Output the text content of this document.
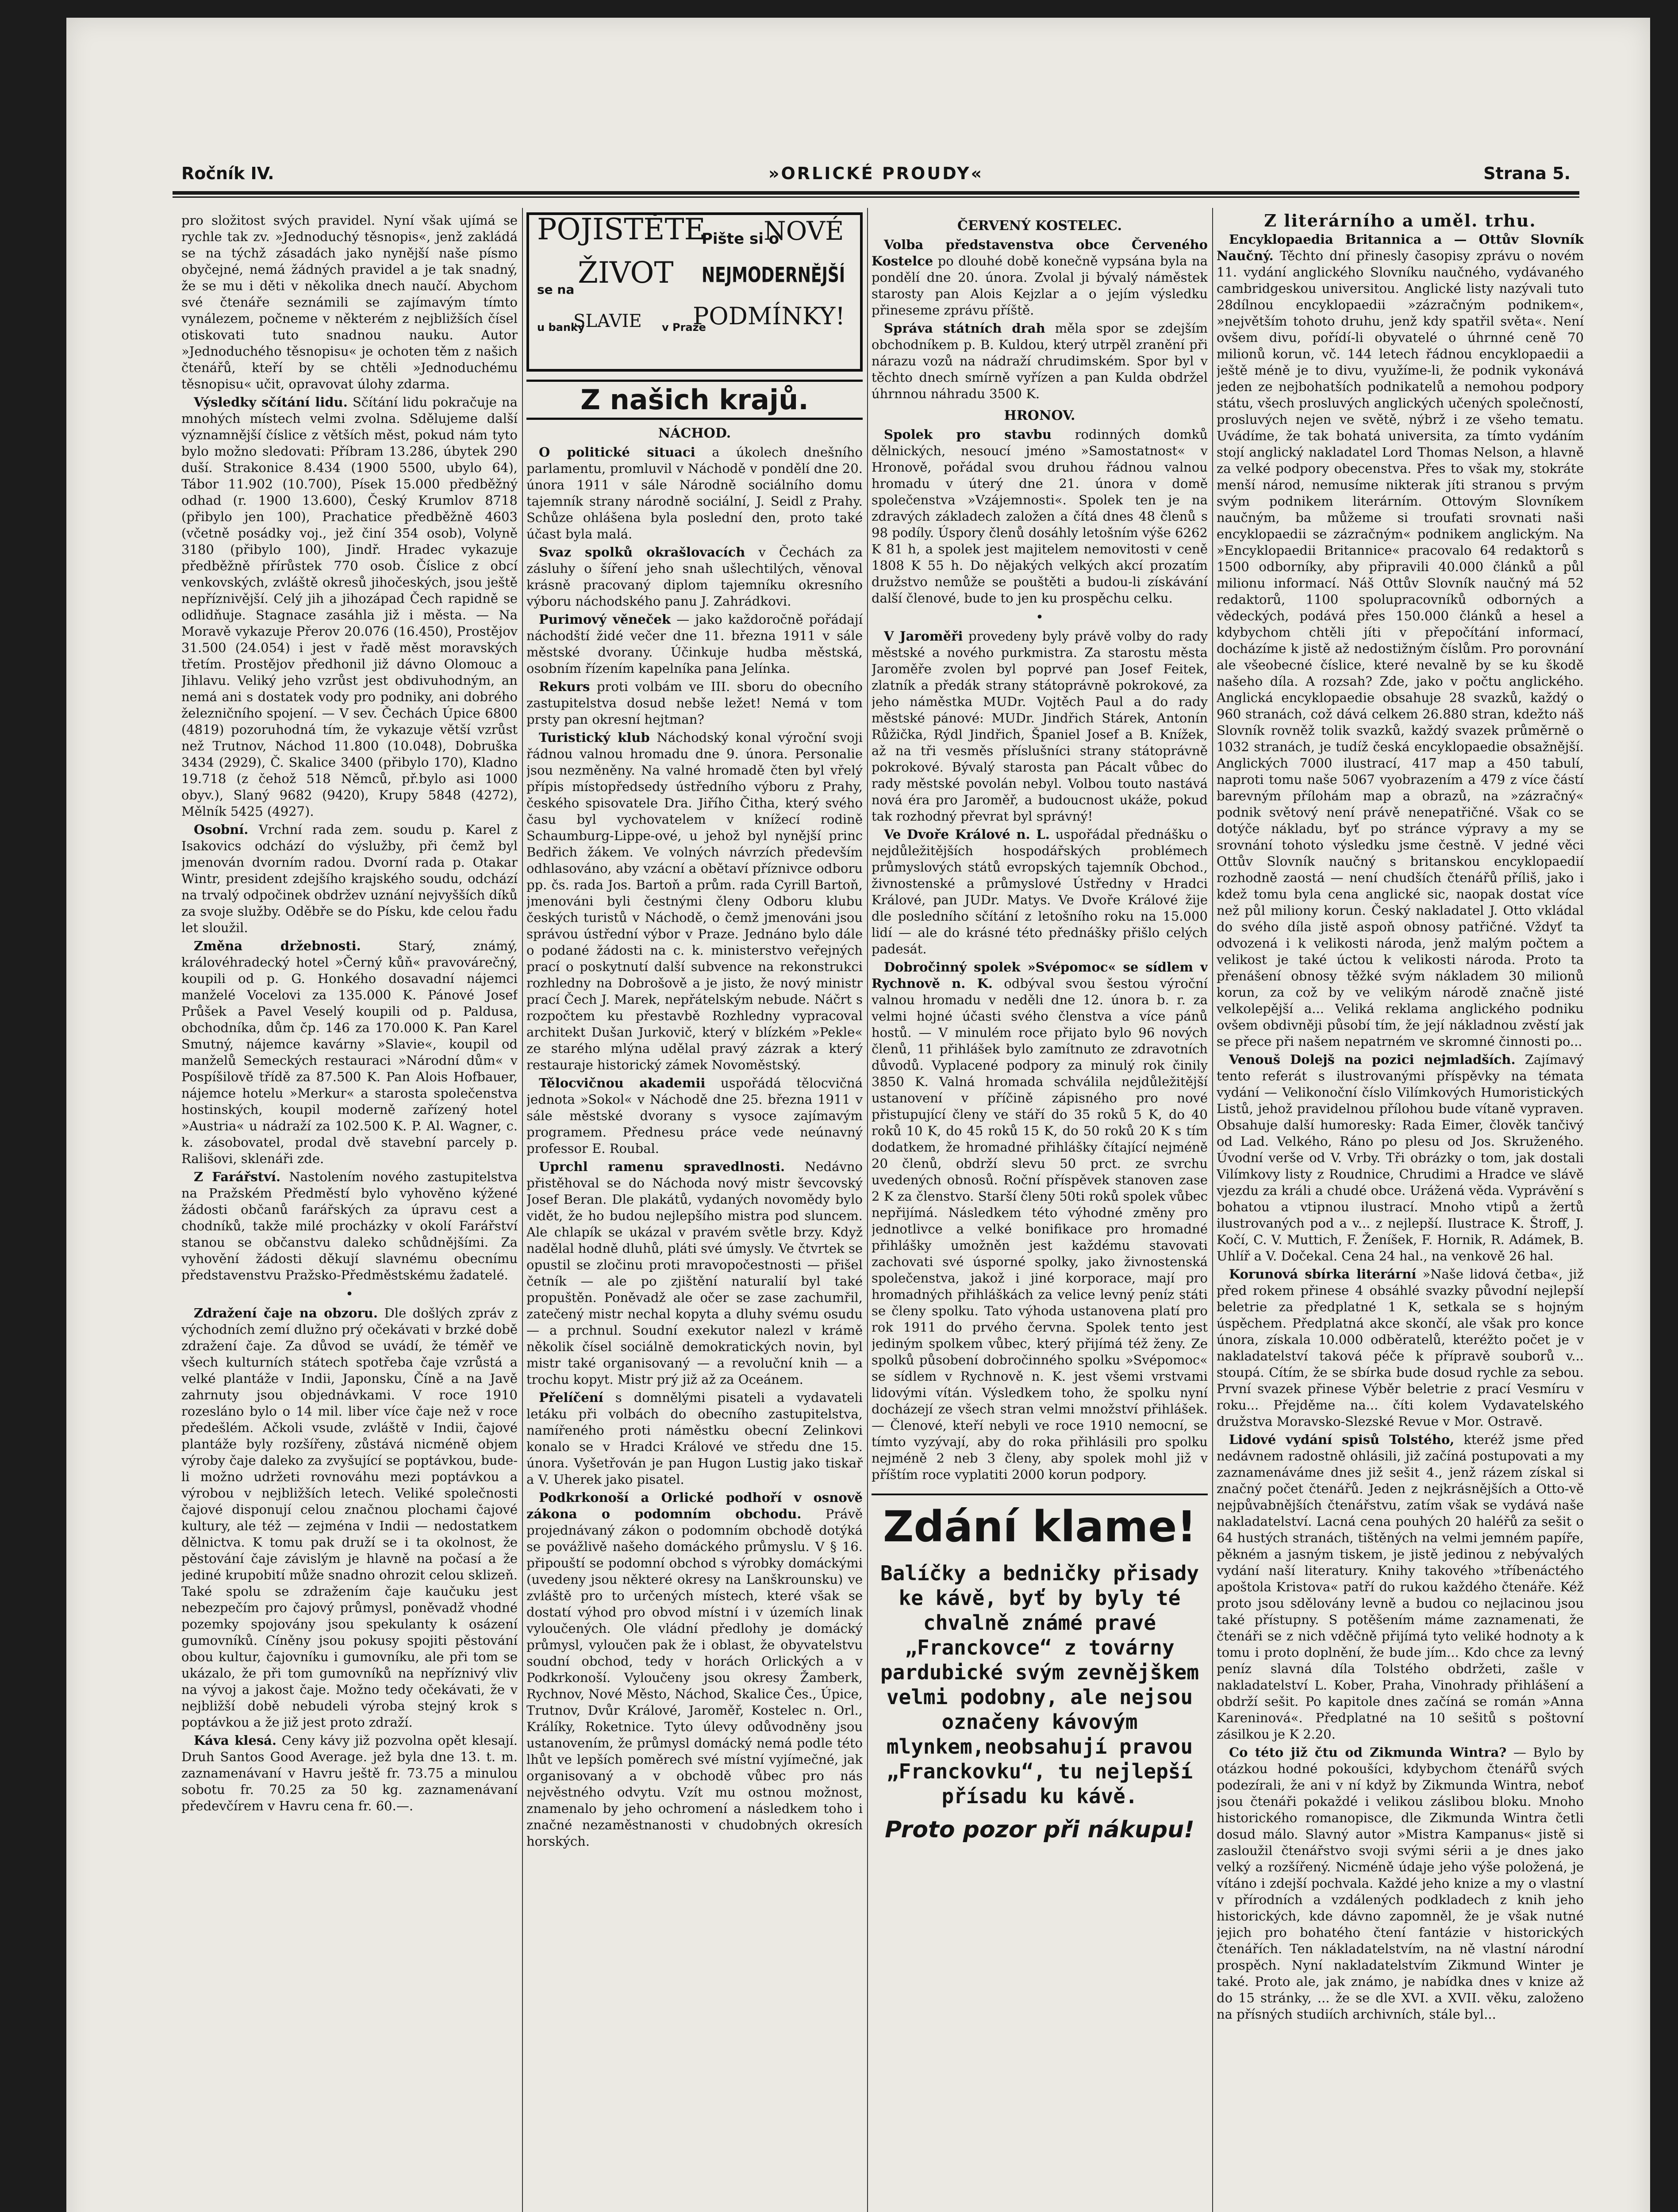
Ročník IV.	»ORLICKÉ PROUDY«	Strana 5.

pro složitost svých pravidel. Nyní však ujímá se rychle tak zv. »Jednoduchý těsnopis«, jenž zakládá se na týchž zásadách jako nynější naše písmo obyčejné, nemá žádných pravidel a je tak snadný, že se mu i děti v několika dnech naučí. Abychom své čtenáře seznámili se zajímavým tímto vynálezem, počneme v některém z nejbližších čísel otiskovati tuto snadnou nauku. Autor »Jednoduchého těsnopisu« je ochoten těm z našich čtenářů, kteří by se chtěli »Jednoduchému těsnopisu« učit, opravovat úlohy zdarma.

Výsledky sčítání lidu. Sčítání lidu pokračuje na mnohých místech velmi zvolna. Sdělujeme další významnější číslice z větších měst, pokud nám tyto bylo možno sledovati: Příbram 13.286, úbytek 290 duší. Strakonice 8.434 (1900 5500, ubylo 64), Tábor 11.902 (10.700), Písek 15.000 předběžný odhad (r. 1900 13.600), Český Krumlov 8718 (přibylo jen 100), Prachatice předběžně 4603 (včetně posádky voj., jež činí 354 osob), Volyně 3180 (přibylo 100), Jindř. Hradec vykazuje předběžně přírůstek 770 osob. Číslice z obcí venkovských, zvláště okresů jihočeských, jsou ještě nepříznivější. Celý jih a jihozápad Čech rapidně se odlidňuje. Stagnace zasáhla již i města. — Na Moravě vykazuje Přerov 20.076 (16.450), Prostějov 31.500 (24.054) i jest v řadě měst moravských třetím. Prostějov předhonil již dávno Olomouc a Jihlavu. Veliký jeho vzrůst jest obdivuhodným, an nemá ani s dostatek vody pro podniky, ani dobrého železničního spojení. — V sev. Čechách Úpice 6800 (4819) pozoruhodná tím, že vykazuje větší vzrůst než Trutnov, Náchod 11.800 (10.048), Dobruška 3434 (2929), Č. Skalice 3400 (přibylo 170), Kladno 19.718 (z čehož 518 Němců, př.bylo asi 1000 obyv.), Slaný 9682 (9420), Krupy 5848 (4272), Mělník 5425 (4927).

Osobní. Vrchní rada zem. soudu p. Karel z Isakovics odchází do výslužby, při čemž byl jmenován dvorním radou. Dvorní rada p. Otakar Wintr, president zdejšího krajského soudu, odchází na trvalý odpočinek obdržev uznání nejvyšších díků za svoje služby. Oděbře se do Písku, kde celou řadu let sloužil.

Změna držebnosti.	Starý, známý, královéhradecký hotel »Černý kůň« pravovárečný, koupili od p. G. Honkého dosavadní nájemci manželé Vocelovi za 135.000 K. Pánové Josef Průšek a Pavel Veselý koupili od p. Paldusa, obchodníka, dům čp. 146 za 170.000 K. Pan Karel Smutný, nájemce kavárny »Slavie«, koupil od manželů Semeckých restauraci »Národní dům« v Pospíšilově třídě za 87.500 K. Pan Alois Hofbauer, nájemce hotelu »Merkur« a starosta společenstva hostinských, koupil moderně zařízený hotel »Austria« u nádraží za 102.500 K. P. Al. Wagner, c. k. zásobovatel, prodal dvě stavební parcely p. Rališovi, sklenáři zde.

Z Farářství. Nastolením nového zastupitelstva na Pražském Předměstí bylo vyhověno kýžené žádosti občanů farářských za úpravu cest a chodníků, takže milé procházky v okolí Farářství stanou se občanstvu daleko schůdnějšími. Za vyhovění žádosti děkují slavnému obecnímu představenstvu Pražsko-Předměstskému žadatelé.

•

Zdražení čaje na obzoru. Dle došlých zpráv z východních zemí dlužno prý očekávati v brzké době zdražení čaje. Za důvod se uvádí, že téměř ve všech kulturních státech spotřeba čaje vzrůstá a velké plantáže v Indii, Japonsku, Číně a na Javě zahrnuty jsou objednávkami. V roce 1910 rozesláno bylo o 14 mil. liber více čaje než v roce předešlém. Ačkoli vsude, zvláště v Indii, čajové plantáže byly rozšířeny, zůstává nicméně objem výroby čaje daleko za zvyšující se poptávkou, bude-li možno udržeti rovnováhu mezi poptávkou a výrobou v nejbližších letech. Veliké společnosti čajové disponují celou značnou plochami čajové kultury, ale též — zejména v Indii — nedostatkem dělnictva. K tomu pak druží se i ta okolnost, že pěstování čaje závislým je hlavně na počasí a že jediné krupobití může snadno ohrozit celou sklizeň. Také spolu se zdražením čaje kaučuku jest nebezpečím pro čajový průmysl, poněvadž vhodné pozemky spojovány jsou spekulanty k osázení gumovníků. Cíněny jsou pokusy spojiti pěstování obou kultur, čajovníku i gumovníku, ale při tom se ukázalo, že při tom gumovníků na nepříznivý vliv na vývoj a jakost čaje. Možno tedy očekávati, že v nejbližší době nebudeli výroba stejný krok s poptávkou a že již jest proto zdraží.

Káva klesá. Ceny kávy již pozvolna opět klesají. Druh Santos Good Average. jež byla dne 13. t. m. zaznamenávaní v Havru ještě fr. 73.75 a minulou sobotu fr. 70.25 za 50 kg. zaznamenávaní předevčírem v Havru cena fr. 60.—.

POJISTĚTE
Pište si o
NOVÉ
se na ŽIVOT NEJMODERNĚJŠÍ
u banky
SLAVIE v Praze
PODMÍNKY!
Z našich krajů.
NÁCHOD.

O politické situaci a úkolech dnešního parlamentu, promluvil v Náchodě v pondělí dne 20. února 1911 v sále Národně sociálního domu tajemník strany národně sociální, J. Seidl z Prahy. Schůze ohlášena byla poslední den, proto také účast byla malá.

Svaz spolků okrašlovacích v Čechách za zásluhy o šíření jeho snah ušlechtilých, věnoval krásně pracovaný diplom tajemníku okresního výboru náchodského panu J. Zahrádkovi.

Purimový věneček — jako každoročně pořádají náchodští židé večer dne 11. března 1911 v sále městské dvorany. Účinkuje hudba městská, osobním řízením kapelníka pana Jelínka.

Rekurs proti volbám ve III. sboru do obecního zastupitelstva dosud nebše ležet! Nemá v tom prsty pan okresní hejtman?

Turistický klub Náchodský konal výroční svoji řádnou valnou hromadu dne 9. února. Personalie jsou nezměněny. Na valné hromadě čten byl vřelý přípis místopředsedy ústředního výboru z Prahy, českého spisovatele Dra. Jiřího Čitha, který svého času byl vychovatelem v knížecí rodině Schaumburg-Lippe-ové, u jehož byl nynější princ Bedřich žákem. Ve volných návrzích především odhlasováno, aby vzácní a obětaví příznivce odboru pp. čs. rada Jos. Bartoň a prům. rada Cyrill Bartoň, jmenováni byli čestnými členy Odboru klubu českých turistů v Náchodě, o čemž jmenováni jsou správou ústřední výbor v Praze. Jednáno bylo dále o podané žádosti na c. k. ministerstvo veřejných prací o poskytnutí další subvence na rekonstrukci rozhledny na Dobrošově a je jisto, že nový ministr prací Čech J. Marek, nepřátelským nebude. Náčrt s rozpočtem ku přestavbě Rozhledny vypracoval architekt Dušan Jurkovič, který v blízkém »Pekle« ze starého mlýna udělal pravý zázrak a který restauraje historický zámek Novoměstský.

Tělocvičnou akademii uspořádá tělocvičná jednota »Sokol« v Náchodě dne 25. března 1911 v sále městské dvorany s vysoce zajímavým programem. Přednesu práce vede neúnavný professor E. Roubal.

Uprchl ramenu spravedlnosti. Nedávno přistěhoval se do Náchoda nový mistr ševcovský Josef Beran. Dle plakátů, vydaných novomědy bylo vidět, že ho budou nejlepšího mistra pod sluncem. Ale chlapík se ukázal v pravém světle brzy. Když nadělal hodně dluhů, pláti své úmysly. Ve čtvrtek se opustil se zločinu proti mravopočestnosti — přišel četník — ale po zjištění naturalií byl také propuštěn. Poněvadž ale očer se zase zachumřil, zatečený mistr nechal kopyta a dluhy svému osudu — a prchnul. Soudní exekutor nalezl v krámě několik čísel sociálně demokratických novin, byl mistr také organisovaný — a revoluční knih — a trochu kopyt. Mistr prý již až za Oceánem.

Přelíčení s domnělými pisateli a vydavateli letáku při volbách do obecního zastupitelstva, namířeného proti náměstku obecní Zelinkovi konalo se v Hradci Králové ve středu dne 15. února. Vyšetřován je pan Hugon Lustig jako tiskař a V. Uherek jako pisatel.

Podkrkonoší a Orlické podhoří v osnově zákona o podomním obchodu. Právě projednávaný zákon o podomním obchodě dotýká se povážlivě našeho domáckého průmyslu. V § 16. připouští se podomní obchod s výrobky domáckými (uvedeny jsou některé okresy na Lanškrounsku) ve zvláště pro to určených místech, které však se dostatí výhod pro obvod místní i v územích linak vyloučených. Ole vládní předlohy je domácký průmysl, vyloučen pak že i oblast, že obyvatelstvu soudní obchod, tedy v horách Orlických a v Podkrkonoší. Vyloučeny jsou okresy Žamberk, Rychnov, Nové Město, Náchod, Skalice Čes., Úpice, Trutnov, Dvůr Králové, Jaroměř, Kostelec n. Orl., Králíky, Roketnice. Tyto úlevy odůvodněny jsou ustanovením, že průmysl domácký nemá podle této lhůt ve lepších poměrech své místní vyjímečné, jak organisovaný a v obchodě vůbec pro nás nejvěstného odvytu. Vzít mu ostnou možnost, znamenalo by jeho ochromení a následkem toho i značné nezaměstnanosti v chudobných okresích horských.

ČERVENÝ KOSTELEC.

Volba představenstva obce Červeného Kostelce po dlouhé době konečně vypsána byla na pondělí dne 20. února. Zvolal ji bývalý náměstek starosty pan Alois Kejzlar a o jejím výsledku přineseme zprávu příště.

Správa státních drah měla spor se zdejším obchodníkem p. B. Kuldou, který utrpěl zranění při nárazu vozů na nádraží chrudimském. Spor byl v těchto dnech smírně vyřízen a pan Kulda obdržel úhrnnou náhradu 3500 K.

HRONOV.

Spolek pro stavbu rodinných domků dělnických, nesoucí jméno »Samostatnost« v Hronově, pořádal svou druhou řádnou valnou hromadu v úterý dne 21. února v domě společenstva »Vzájemnosti«. Spolek ten je na zdravých základech založen a čítá dnes 48 členů s 98 podíly. Úspory členů dosáhly letošním výše 6262 K 81 h, a spolek jest majitelem nemovitosti v ceně 1808 K 55 h. Do nějakých velkých akcí prozatím družstvo nemůže se pouštěti a budou-li získávání další členové, bude to jen ku prospěchu celku.

•

V Jaroměři provedeny byly právě volby do rady městské a nového purkmistra. Za starostu města Jaroměře zvolen byl poprvé pan Josef Feitek, zlatník a předák strany státoprávně pokrokové, za jeho náměstka MUDr. Vojtěch Paul a do rady městské pánové: MUDr. Jindřich Stárek, Antonín Růžička, Rýdl Jindřich, Španiel Josef a B. Knížek, až na tři vesměs příslušníci strany státoprávně pokrokové. Bývalý starosta pan Pácalt vůbec do rady městské povolán nebyl. Volbou touto nastává nová éra pro Jaroměř, a budoucnost ukáže, pokud tak rozhodný převrat byl správný!

Ve Dvoře Králové n. L. uspořádal přednášku o nejdůležitějších hospodářských problémech průmyslových států evropských tajemník Obchod., živnostenské a průmyslové Ústředny v Hradci Králové, pan JUDr. Matys. Ve Dvoře Králové žije dle posledního sčítání z letošního roku na 15.000 lidí — ale do krásné této přednášky přišlo celých padesát.

Dobročinný spolek »Svépomoc« se sídlem v Rychnově n. K. odbýval svou šestou výroční valnou hromadu v neděli dne 12. února b. r. za velmi hojné účasti svého členstva a více pánů hostů. — V minulém roce přijato bylo 96 nových členů, 11 přihlášek bylo zamítnuto ze zdravotních důvodů. Vyplacené podpory za minulý rok činily 3850 K. Valná hromada schválila nejdůležitější ustanovení v příčině zápisného pro nové přistupující členy ve stáří do 35 roků 5 K, do 40 roků 10 K, do 45 roků 15 K, do 50 roků 20 K s tím dodatkem, že hromadné přihlášky čítající nejméně 20 členů, obdrží slevu 50 prct. ze svrchu uvedených obnosů. Roční příspěvek stanoven zase 2 K za členstvo. Starší členy 50ti roků spolek vůbec nepřijímá. Následkem této výhodné změny pro jednotlivce a velké bonifikace pro hromadné přihlášky umožněn jest každému stavovati zachovati své úsporné spolky, jako živnostenská společenstva, jakož i jiné korporace, mají pro hromadných přihláškách za velice levný peníz státi se členy spolku. Tato výhoda ustanovena platí pro rok 1911 do prvého června. Spolek tento jest jediným spolkem vůbec, který přijímá též ženy. Ze spolků působení dobročinného spolku »Svépomoc« se sídlem v Rychnově n. K. jest všemi vrstvami lidovými vítán. Výsledkem toho, že spolku nyní docházejí ze všech stran velmi množství přihlášek. — Členové, kteří nebyli ve roce 1910 nemocní, se tímto vyzývají, aby do roka přihlásili pro spolku nejméně 2 neb 3 členy, aby spolek mohl již v příštím roce vyplatiti 2000 korun podpory.

Zdání klame!
Balíčky a bedničky přisady ke kávě, byť by byly té chvalně známé pravé „Franckovce“ z továrny pardubické svým zevnějškem velmi podobny, ale nejsou označeny kávovým mlynkem,neobsahují pravou „Franckovku“, tu nejlepší přísadu ku kávě.
Proto pozor při nákupu!
Z literárního a uměl. trhu.

Encyklopaedia Britannica a — Ottův Slovník Naučný. Těchto dní přinesly časopisy zprávu o novém 11. vydání anglického Slovníku naučného, vydávaného cambridgeskou universitou. Anglické listy nazývali tuto 28dílnou encyklopaedii »zázračným podnikem«, »největším tohoto druhu, jenž kdy spatřil světa«. Není ovšem divu, pořídí-li obyvatelé o úhrnné ceně 70 milionů korun, vč. 144 letech řádnou encyklopaedii a ještě méně je to divu, využíme-li, že podnik vykonává jeden ze nejbohatších podnikatelů a nemohou podpory státu, všech prosluvých anglických učených společností, prosluvých nejen ve světě, nýbrž i ze všeho tematu. Uvádíme, že tak bohatá universita, za tímto vydáním stojí anglický nakladatel Lord Thomas Nelson, a hlavně za velké podpory obecenstva. Přes to však my, stokráte menší národ, nemusíme nikterak jíti stranou s prvým svým podnikem literárním. Ottovým Slovníkem naučným, ba můžeme si troufati srovnati naši encyklopaedii se zázračným« podnikem anglickým. Na »Encyklopaedii Britannice« pracovalo 64 redaktorů s 1500 odborníky, aby připravili 40.000 článků a půl milionu informací. Náš Ottův Slovník naučný má 52 redaktorů, 1100 spolupracovníků odborných a vědeckých, podává přes 150.000 článků a hesel a kdybychom chtěli jíti v přepočítání informací, docházíme k jistě až nedostižným číslům. Pro porovnání ale všeobecné číslice, které nevalně by se ku škodě našeho díla. A rozsah? Zde, jako v počtu anglického. Anglická encyklopaedie obsahuje 28 svazků, každý o 960 stranách, což dává celkem 26.880 stran, kdežto náš Slovník rovněž tolik svazků, každý svazek průměrně o 1032 stranách, je tudíž česká encyklopaedie obsažnější. Anglických 7000 ilustrací, 417 map a 450 tabulí, naproti tomu naše 5067 vyobrazením a 479 z více částí barevným přílohám map a obrazů, na »zázračný« podnik světový není právě nenepatřičné. Však co se dotýče nákladu, byť po stránce výpravy a my se srovnání tohoto výsledku jsme čestně. V jedné věci Ottův Slovník naučný s britanskou encyklopaedií rozhodně zaostá — není chudších čtenářů příliš, jako i kdež tomu byla cena anglické sic, naopak dostat více než půl miliony korun. Český nakladatel J. Otto vkládal do svého díla jistě aspoň obnosy patřičné. Vždyť ta odvozená i k velikosti národa, jenž malým počtem a velikost je také úctou k velikosti národa. Proto ta přenášení obnosy těžké svým nákladem 30 milionů korun, za což by ve velikým národě značně jisté velkolepější a... Veliká reklama anglického podniku ovšem obdivněji působí tím, že její nákladnou zvěstí jak se přece při našem nepatrném ve skromné činnosti po...

Venouš Dolejš na pozici nejmladších. Zajímavý tento referát s ilustrovanými příspěvky na témata vydání — Velikonoční číslo Vilímkových Humoristických Listů, jehož pravidelnou přílohou bude vítaně vypraven. Obsahuje další humoresky: Rada Eimer, člověk tančivý od Lad. Velkého, Ráno po plesu od Jos. Skruženého. Úvodní verše od V. Vrby. Tři obrázky o tom, jak dostali Vilímkovy listy z Roudnice, Chrudimi a Hradce ve slávě vjezdu za králi a chudé obce. Urážená věda. Vyprávění s bohatou a vtipnou ilustrací. Mnoho vtipů a žertů ilustrovaných pod a v... z nejlepší. Ilustrace K. Štroff, J. Kočí, C. V. Muttich, F. Ženíšek, F. Hornik, R. Adámek, B. Uhlíř a V. Dočekal. Cena 24 hal., na venkově 26 hal.

Korunová sbírka literární »Naše lidová četba«, již před rokem přinese 4 obsáhlé svazky původní nejlepší beletrie za předplatné 1 K, setkala se s hojným úspěchem. Předplatná akce skončí, ale však pro konce února, získala 10.000 odběratelů, kteréžto počet je v nakladatelství taková péče k přípravě souborů v... stoupá. Cítím, že se sbírka bude dosud rychle za sebou. První svazek přinese Výběr beletrie z prací Vesmíru v roku... Přejděme na... číti kolem Vydavatelského družstva Moravsko-Slezské Revue v Mor. Ostravě.

Lidové vydání spisů Tolstého, kteréž jsme před nedávnem radostně ohlásili, již začíná postupovati a my zaznamenáváme dnes již sešit 4., jenž rázem získal si značný počet čtenářů. Jeden z nejkrásnějších a Otto-vě nejpůvabnějších čtenářstvu, zatím však se vydává naše nakladatelství. Lacná cena pouhých 20 haléřů za sešit o 64 hustých stranách, tištěných na velmi jemném papíře, pěkném a jasným tiskem, je jistě jedinou z nebývalých vydání naší literatury. Knihy takového »tříbenáctého apoštola Kristova« patří do rukou každého čtenáře. Kéž proto jsou sdělovány levně a budou co nejlacinou jsou také přístupny. S potěšením máme zaznamenati, že čtenáři se z nich vděčně přijímá tyto veliké hodnoty a k tomu i proto doplnění, že bude jím... Kdo chce za levný peníz slavná díla Tolstého obdržeti, zašle v nakladatelství L. Kober, Praha, Vinohrady přihlášení a obdrží sešit. Po kapitole dnes začíná se román »Anna Kareninová«. Předplatné na 10 sešitů s poštovní zásilkou je K 2.20.

Co této již čtu od Zikmunda Wintra? — Bylo by otázkou hodné pokoušíci, kdybychom čtenářů svých podezírali, že ani v ní když by Zikmunda Wintra, neboť jsou čtenáři pokaždé i velikou záslibou bloku. Mnoho historického romanopisce, dle Zikmunda Wintra četli dosud málo. Slavný autor »Mistra Kampanus« jistě si zasloužil čtenářstvo svoji svými sérii a je dnes jako velký a rozšířený. Nicméně údaje jeho výše položená, je vítáno i zdejší pochvala. Každé jeho knize a my o vlastní v přírodních a vzdálených podkladech z knih jeho historických, kde dávno zapomněl, že je však nutné jejich pro bohatého čtení fantázie v historických čtenářích. Ten nákladatelstvím, na ně vlastní národní prospěch. Nyní nakladatelstvím Zikmund Winter je také. Proto ale, jak známo, je nabídka dnes v knize až do 15 stránky, ... že se dle XVI. a XVII. věku, založeno na přísných studiích archivních, stále byl...
